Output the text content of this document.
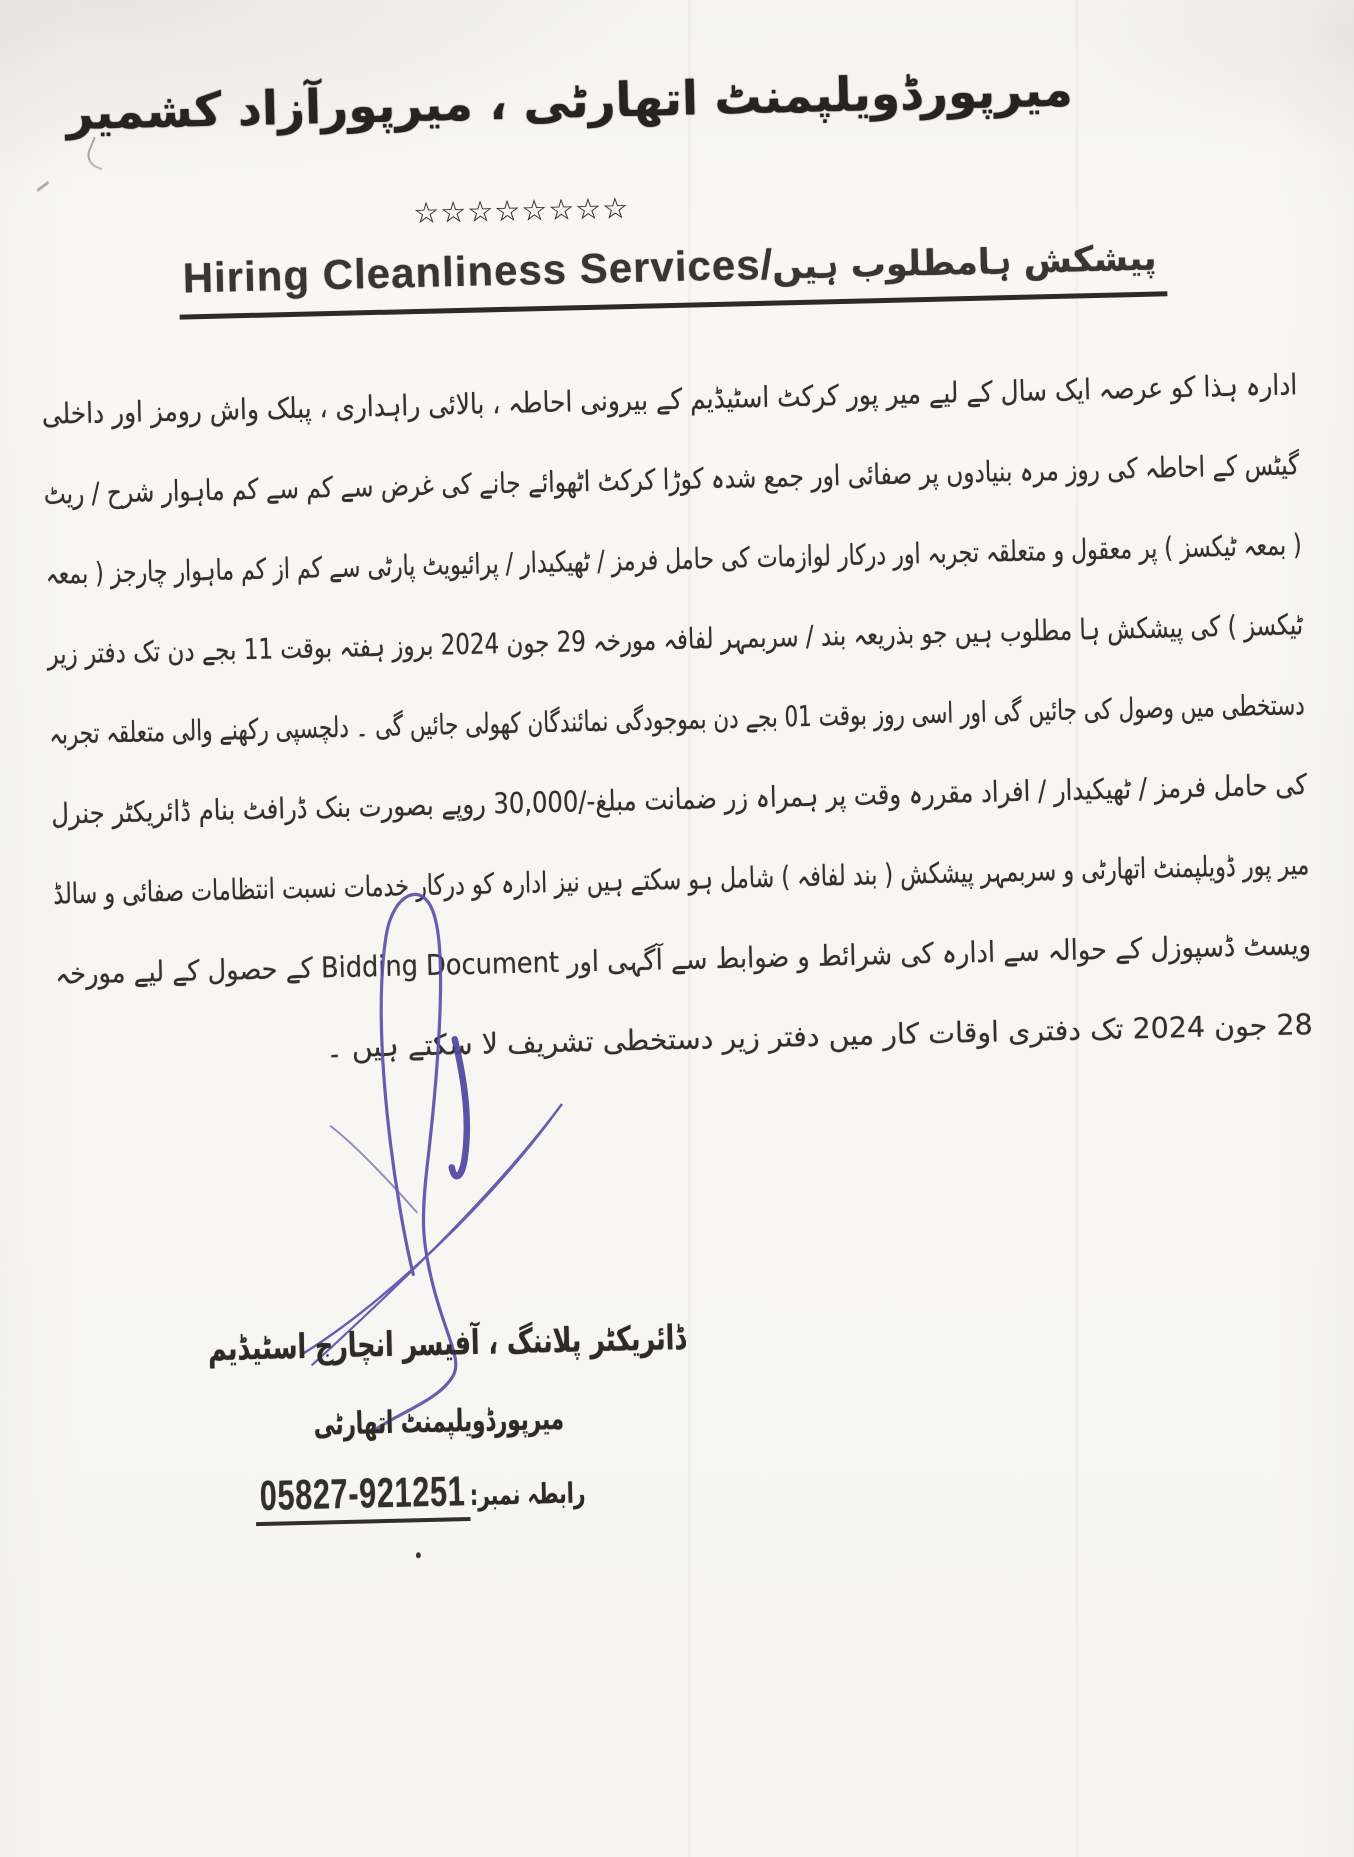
میرپورڈویلپمنٹ اتھارٹی ، میرپورآزاد کشمیر
☆☆☆☆☆☆☆☆
Hiring Cleanliness Services/پیشکش ہامطلوب ہیں
ادارہ ہذا کو عرصہ ایک سال کے لیے میر پور کرکٹ اسٹیڈیم کے بیرونی احاطہ ، بالائی راہداری ، پبلک واش رومز اور داخلی
گیٹس کے احاطہ کی روز مرہ بنیادوں پر صفائی اور جمع شدہ کوڑا کرکٹ اٹھوائے جانے کی غرض سے کم سے کم ماہوار شرح / ریٹ
( بمعہ ٹیکسز ) پر معقول و متعلقہ تجربہ اور درکار لوازمات کی حامل فرمز / ٹھیکیدار / پرائیویٹ پارٹی سے کم از کم ماہوار چارجز ( بمعہ
ٹیکسز ) کی پیشکش ہا مطلوب ہیں جو بذریعہ بند / سربمہر لفافہ مورخہ 29 جون 2024 بروز ہفتہ بوقت 11 بجے دن تک دفتر زیر
دستخطی میں وصول کی جائیں گی اور اسی روز بوقت 01 بجے دن بموجودگی نمائندگان کھولی جائیں گی ۔ دلچسپی رکھنے والی متعلقہ تجربہ
کی حامل فرمز / ٹھیکیدار / افراد مقررہ وقت پر ہمراہ زر ضمانت مبلغ-/30,000 روپے بصورت بنک ڈرافٹ بنام ڈائریکٹر جنرل
میر پور ڈویلپمنٹ اتھارٹی و سربمہر پیشکش ( بند لفافہ ) شامل ہو سکتے ہیں نیز ادارہ کو درکار خدمات نسبت انتظامات صفائی و سالڈ
ویسٹ ڈسپوزل کے حوالہ سے ادارہ کی شرائط و ضوابط سے آگہی اور Bidding Document کے حصول کے لیے مورخہ
28 جون 2024 تک دفتری اوقات کار میں دفتر زیر دستخطی تشریف لا سکتے ہیں ۔
ڈائریکٹر پلاننگ ، آفیسر انچارج اسٹیڈیم
میرپورڈویلپمنٹ اتھارٹی
رابطہ نمبر:05827-921251
